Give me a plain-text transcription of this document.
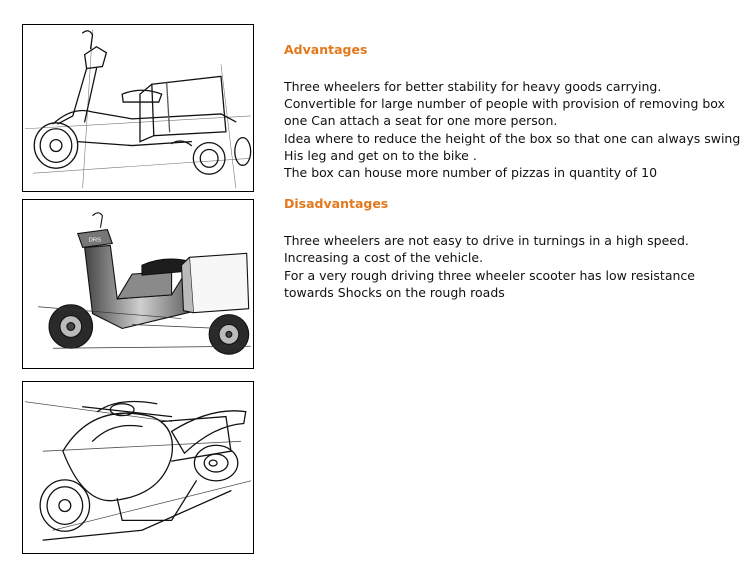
DRS
Advantages

Three wheelers for better stability for heavy goods carrying.

Convertible for large number of people with provision of removing box

one Can attach a seat for one more person.

Idea where to reduce the height of the box so that one can always swing

His leg and get on to the bike .

The box can house more number of pizzas in quantity of 10

Disadvantages

Three wheelers are not easy to drive in turnings in a high speed.

Increasing a cost of the vehicle.

For a very rough driving three wheeler scooter has low resistance

towards Shocks on the rough roads
